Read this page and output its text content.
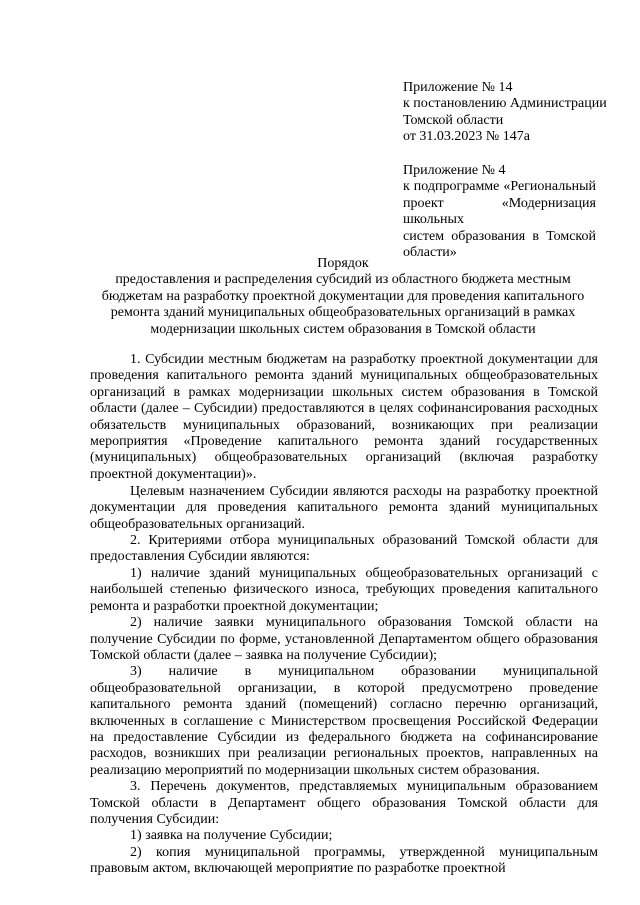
Приложение № 14
к постановлению Администрации
Томской области
от 31.03.2023 № 147а
Приложение № 4
к подпрограмме «Региональный
проект «Модернизация школьных
систем образования в Томской
области»
Порядок
предоставления и распределения субсидий из областного бюджета местным
бюджетам на разработку проектной документации для проведения капитального
ремонта зданий муниципальных общеобразовательных организаций в рамках
модернизации школьных систем образования в Томской области

1. Субсидии местным бюджетам на разработку проектной документации для проведения капитального ремонта зданий муниципальных общеобразовательных организаций в рамках модернизации школьных систем образования в Томской области (далее – Субсидии) предоставляются в целях софинансирования расходных обязательств муниципальных образований, возникающих при реализации мероприятия «Проведение капитального ремонта зданий государственных (муниципальных) общеобразовательных организаций (включая разработку проектной документации)».

Целевым назначением Субсидии являются расходы на разработку проектной документации для проведения капитального ремонта зданий муниципальных общеобразовательных организаций.

2. Критериями отбора муниципальных образований Томской области для предоставления Субсидии являются:

1) наличие зданий муниципальных общеобразовательных организаций с наибольшей степенью физического износа, требующих проведения капитального ремонта и разработки проектной документации;

2) наличие заявки муниципального образования Томской области на получение Субсидии по форме, установленной Департаментом общего образования Томской области (далее – заявка на получение Субсидии);

3) наличие в муниципальном образовании муниципальной общеобразовательной организации, в которой предусмотрено проведение капитального ремонта зданий (помещений) согласно перечню организаций, включенных в соглашение с Министерством просвещения Российской Федерации на предоставление Субсидии из федерального бюджета на софинансирование расходов, возникших при реализации региональных проектов, направленных на реализацию мероприятий по модернизации школьных систем образования.

3. Перечень документов, представляемых муниципальным образованием Томской области в Департамент общего образования Томской области для получения Субсидии:

1) заявка на получение Субсидии;

2) копия муниципальной программы, утвержденной муниципальным правовым актом, включающей мероприятие по разработке проектной
